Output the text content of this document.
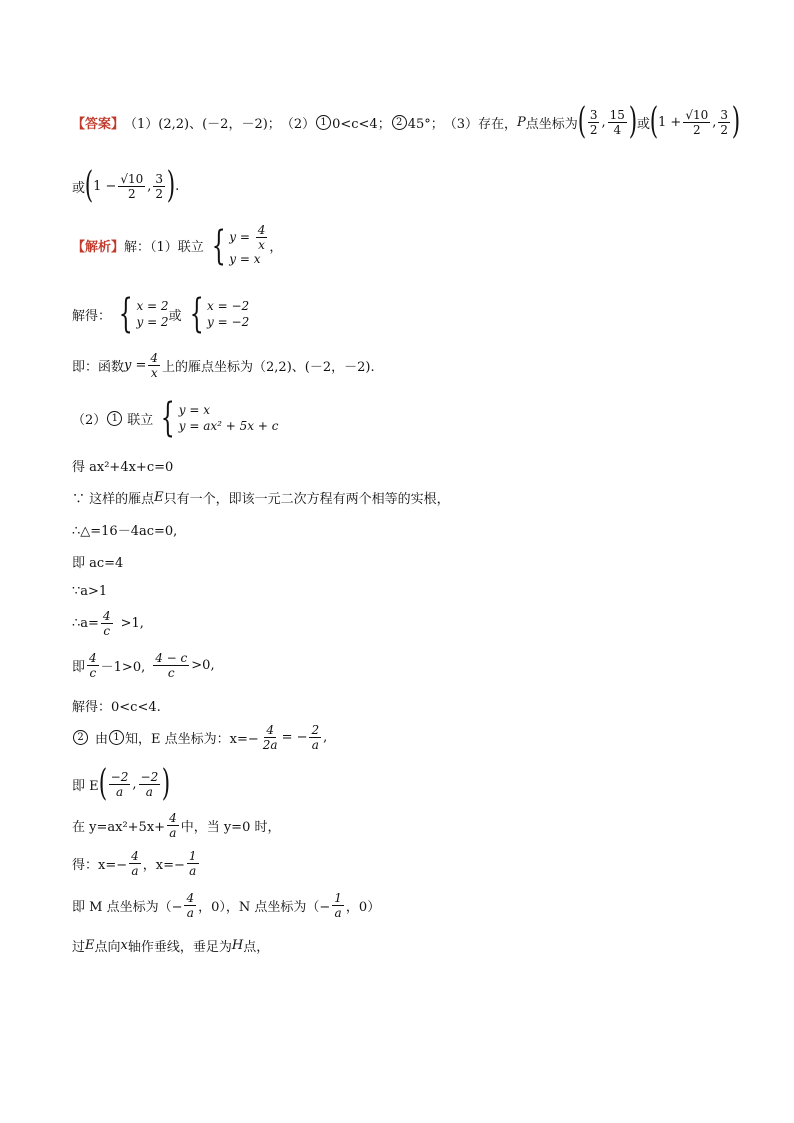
【答案】 （1） (2,2)、(－2，－2)； （2） 1 0<c<4； 2 45°； （3）存在， P 点坐标为 ( $\frac{3}{2}$ , $\frac{15}{4}$ ) 或 ( $1 + \frac{√10}{2}$ , $\frac{3}{2}$ )
或 ( $1 - \frac{√10}{2}$ , $\frac{3}{2}$ ) .
【解析】 解：（1）联立 { $y = \frac{4}{x}$
y = x
，
解得： { x = 2
y = 2 或 { x = −2
y = −2
即：函数 $y = \frac{4}{x}$ 上的雁点坐标为（2,2)、(－2，－2).
（2） 1 联立 { y = x
y = ax² + 5x + c
得 ax²+4x+c=0
∵ 这样的雁点 E 只有一个，即该一元二次方程有两个相等的实根，
∴△=16－4ac=0,
即 ac=4
∵a>1
∴a= $\frac{4}{c} >1$,
即 $\frac{4}{c} -1>0$, $\frac{4 - c}{c} >0$,
解得：0<c<4.
2 由 1 知，E 点坐标为：$x=- \frac{4}{2a}$ = − $\frac{2}{a}$ ,
即 E ( $\frac{-2}{a}$ , $\frac{-2}{a}$ )
在 $y=ax^2+5x+ \frac{4}{a}$ 中，当 y=0 时，
得：$x=- \frac{4}{a}$ ，$x=- \frac{1}{a}$
即 M 点坐标为（− $\frac{4}{a}$ ，0），N 点坐标为（− $\frac{1}{a}$ ，0）
过 E 点向 x 轴作垂线，垂足为 H 点，
